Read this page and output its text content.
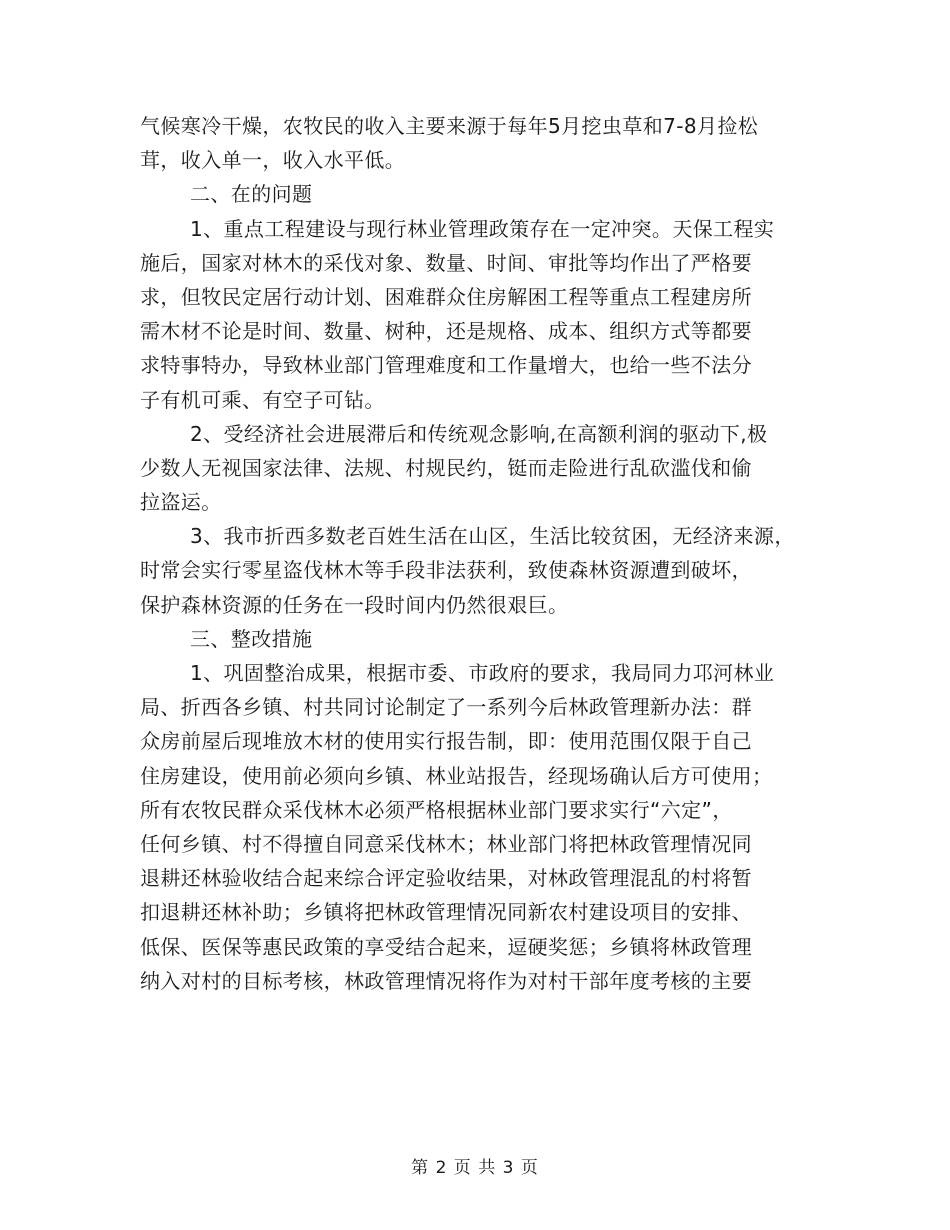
气候寒冷干燥，农牧民的收入主要来源于每年5月挖虫草和7-8月捡松
茸，收入单一，收入水平低。
二、在的问题
1、重点工程建设与现行林业管理政策存在一定冲突。天保工程实
施后，国家对林木的采伐对象、数量、时间、审批等均作出了严格要
求，但牧民定居行动计划、困难群众住房解困工程等重点工程建房所
需木材不论是时间、数量、树种，还是规格、成本、组织方式等都要
求特事特办，导致林业部门管理难度和工作量增大，也给一些不法分
子有机可乘、有空子可钻。
2、受经济社会进展滞后和传统观念影响,在高额利润的驱动下,极
少数人无视国家法律、法规、村规民约，铤而走险进行乱砍滥伐和偷
拉盗运。
3、我市折西多数老百姓生活在山区，生活比较贫困，无经济来源，
时常会实行零星盗伐林木等手段非法获利，致使森林资源遭到破坏，
保护森林资源的任务在一段时间内仍然很艰巨。
三、整改措施
1、巩固整治成果，根据市委、市政府的要求，我局同力邛河林业
局、折西各乡镇、村共同讨论制定了一系列今后林政管理新办法：群
众房前屋后现堆放木材的使用实行报告制，即：使用范围仅限于自己
住房建设，使用前必须向乡镇、林业站报告，经现场确认后方可使用；
所有农牧民群众采伐林木必须严格根据林业部门要求实行“六定”，
任何乡镇、村不得擅自同意采伐林木；林业部门将把林政管理情况同
退耕还林验收结合起来综合评定验收结果，对林政管理混乱的村将暂
扣退耕还林补助；乡镇将把林政管理情况同新农村建设项目的安排、
低保、医保等惠民政策的享受结合起来，逗硬奖惩；乡镇将林政管理
纳入对村的目标考核，林政管理情况将作为对村干部年度考核的主要
第 2 页 共 3 页
